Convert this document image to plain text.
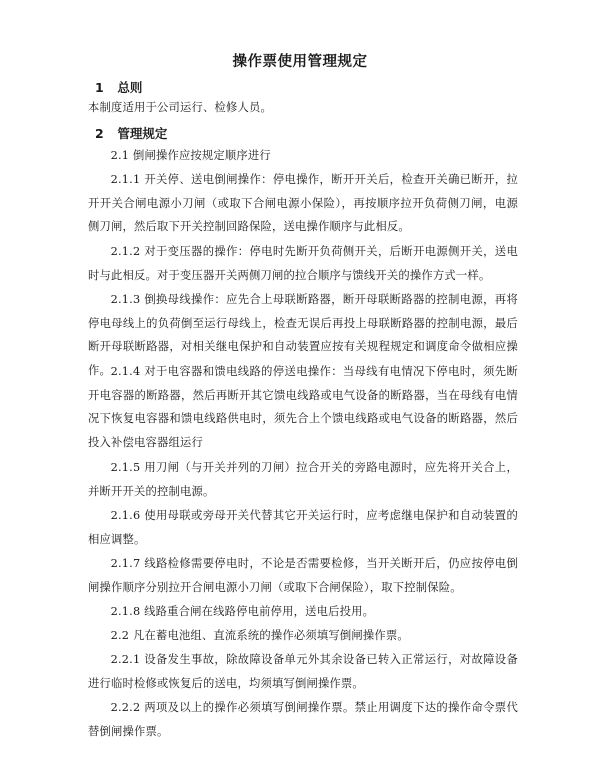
操作票使用管理规定
1 总则
本制度适用于公司运行、检修人员。
2 管理规定
2.1 倒闸操作应按规定顺序进行
2.1.1 开关停、送电倒闸操作：停电操作，断开开关后，检查开关确已断开，拉开开关合闸电源小刀闸（或取下合闸电源小保险），再按顺序拉开负荷侧刀闸，电源侧刀闸，然后取下开关控制回路保险，送电操作顺序与此相反。
2.1.2 对于变压器的操作：停电时先断开负荷侧开关，后断开电源侧开关，送电时与此相反。对于变压器开关两侧刀闸的拉合顺序与馈线开关的操作方式一样。
2.1.3 倒换母线操作：应先合上母联断路器，断开母联断路器的控制电源，再将停电母线上的负荷倒至运行母线上，检查无误后再投上母联断路器的控制电源，最后断开母联断路器，对相关继电保护和自动装置应按有关规程规定和调度命令做相应操作。 2.1.4 对于电容器和馈电线路的停送电操作：当母线有电情况下停电时，须先断开电容器的断路器，然后再断开其它馈电线路或电气设备的断路器，当在母线有电情况下恢复电容器和馈电线路供电时，须先合上个馈电线路或电气设备的断路器，然后投入补偿电容器组运行
2.1.5 用刀闸（与开关并列的刀闸）拉合开关的旁路电源时，应先将开关合上，并断开开关的控制电源。
2.1.6 使用母联或旁母开关代替其它开关运行时，应考虑继电保护和自动装置的相应调整。
2.1.7 线路检修需要停电时，不论是否需要检修，当开关断开后，仍应按停电倒闸操作顺序分别拉开合闸电源小刀闸（或取下合闸保险），取下控制保险。
2.1.8 线路重合闸在线路停电前停用，送电后投用。
2.2 凡在蓄电池组、直流系统的操作必须填写倒闸操作票。
2.2.1 设备发生事故，除故障设备单元外其余设备已转入正常运行，对故障设备进行临时检修或恢复后的送电，均须填写倒闸操作票。
2.2.2 两项及以上的操作必须填写倒闸操作票。禁止用调度下达的操作命令票代替倒闸操作票。
